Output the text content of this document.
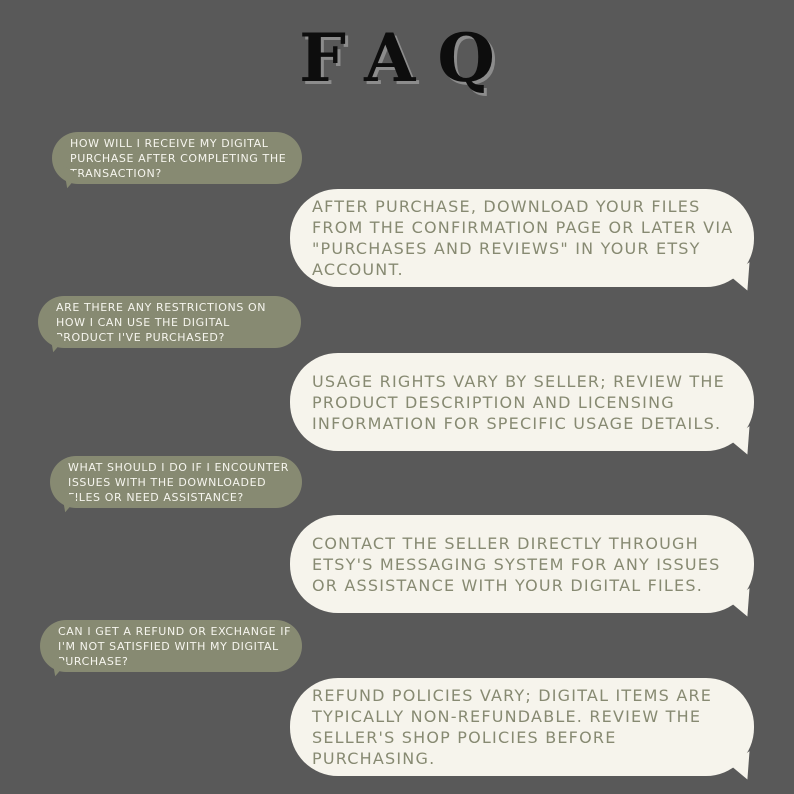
FAQ
HOW WILL I RECEIVE MY DIGITAL PURCHASE AFTER COMPLETING THE TRANSACTION?
AFTER PURCHASE, DOWNLOAD YOUR FILES FROM THE CONFIRMATION PAGE OR LATER VIA "PURCHASES AND REVIEWS" IN YOUR ETSY ACCOUNT.
ARE THERE ANY RESTRICTIONS ON HOW I CAN USE THE DIGITAL PRODUCT I'VE PURCHASED?
USAGE RIGHTS VARY BY SELLER; REVIEW THE PRODUCT DESCRIPTION AND LICENSING INFORMATION FOR SPECIFIC USAGE DETAILS.
WHAT SHOULD I DO IF I ENCOUNTER ISSUES WITH THE DOWNLOADED FILES OR NEED ASSISTANCE?
CONTACT THE SELLER DIRECTLY THROUGH ETSY'S MESSAGING SYSTEM FOR ANY ISSUES OR ASSISTANCE WITH YOUR DIGITAL FILES.
CAN I GET A REFUND OR EXCHANGE IF I'M NOT SATISFIED WITH MY DIGITAL PURCHASE?
REFUND POLICIES VARY; DIGITAL ITEMS ARE TYPICALLY NON-REFUNDABLE. REVIEW THE SELLER'S SHOP POLICIES BEFORE PURCHASING.
